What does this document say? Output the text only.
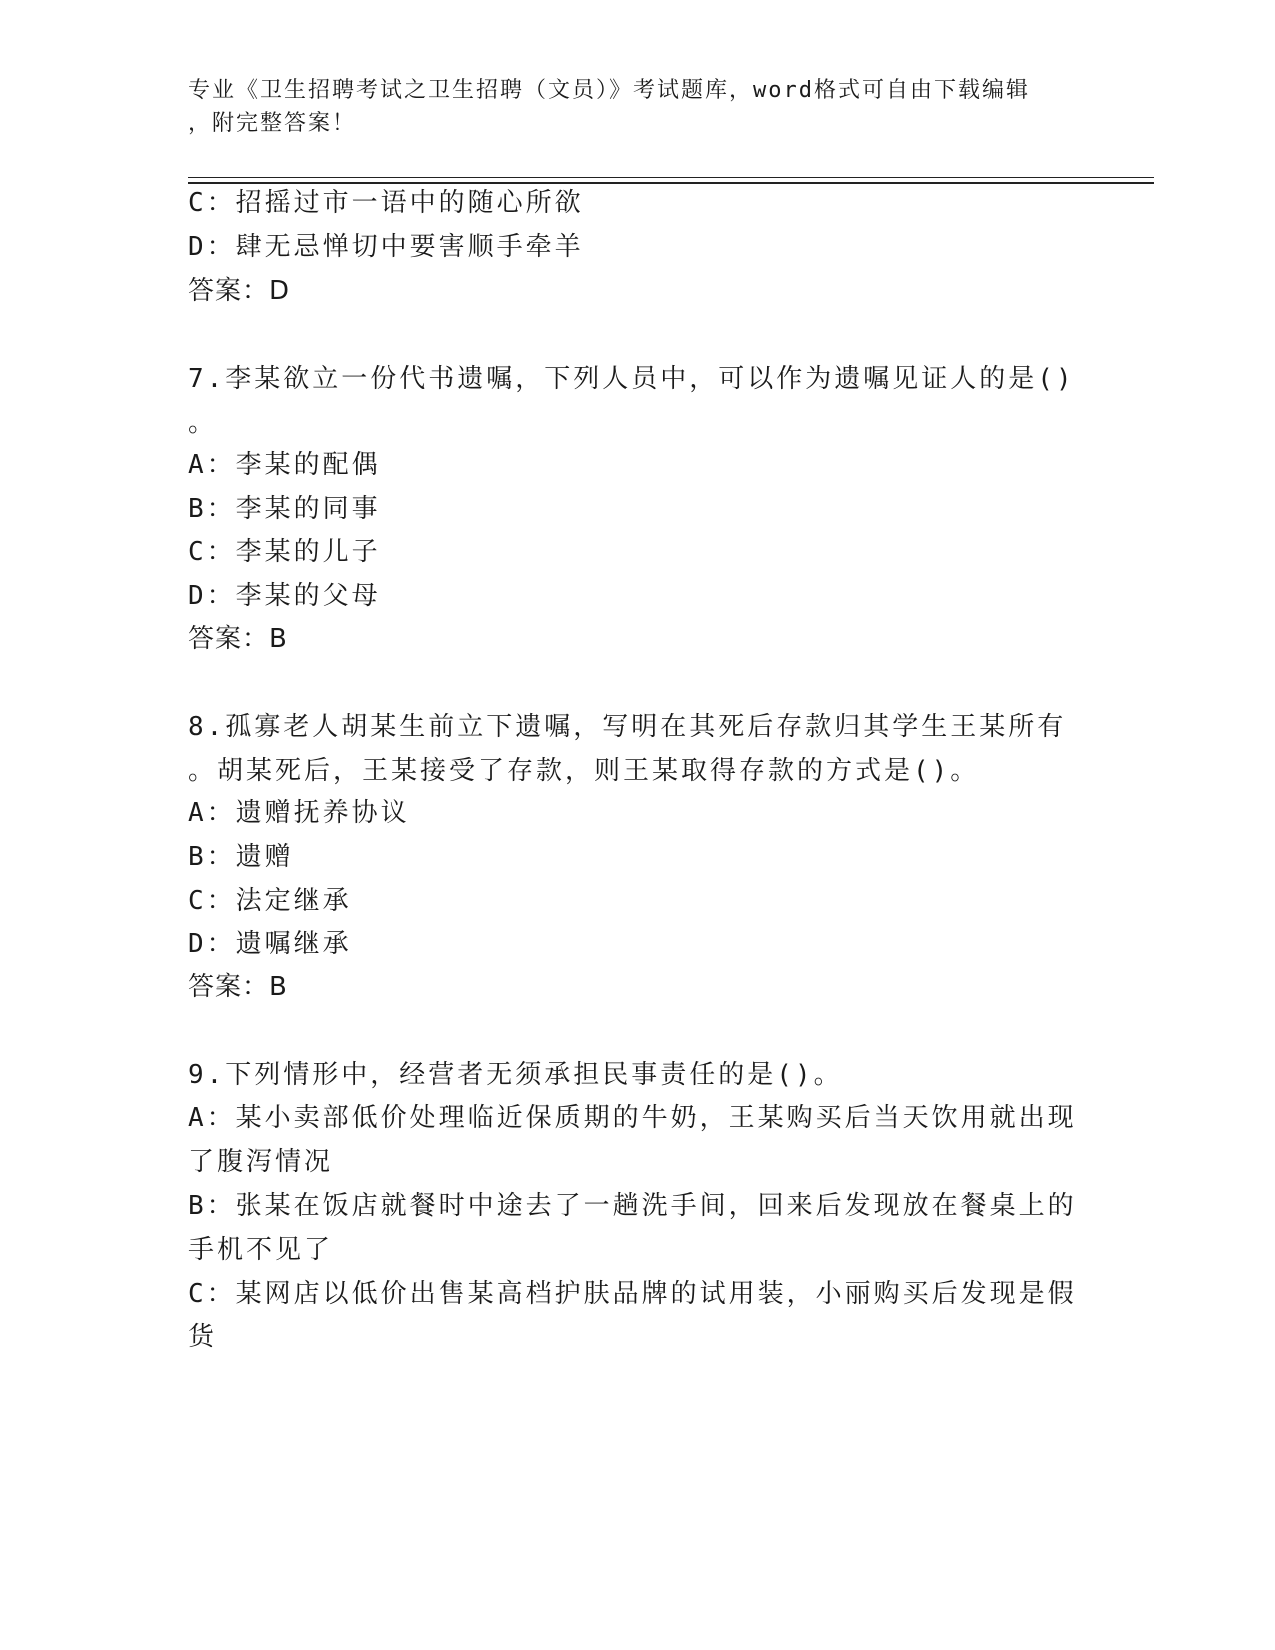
专业《卫生招聘考试之卫生招聘（文员）》考试题库，word格式可自由下载编辑
，附完整答案！
C：招摇过市一语中的随心所欲
D：肆无忌惮切中要害顺手牵羊
答案：D
7.李某欲立一份代书遗嘱，下列人员中，可以作为遗嘱见证人的是()
。
A：李某的配偶
B：李某的同事
C：李某的儿子
D：李某的父母
答案：B
8.孤寡老人胡某生前立下遗嘱，写明在其死后存款归其学生王某所有
。胡某死后，王某接受了存款，则王某取得存款的方式是()。
A：遗赠抚养协议
B：遗赠
C：法定继承
D：遗嘱继承
答案：B
9.下列情形中，经营者无须承担民事责任的是()。
A：某小卖部低价处理临近保质期的牛奶，王某购买后当天饮用就出现
了腹泻情况
B：张某在饭店就餐时中途去了一趟洗手间，回来后发现放在餐桌上的
手机不见了
C：某网店以低价出售某高档护肤品牌的试用装，小丽购买后发现是假
货
